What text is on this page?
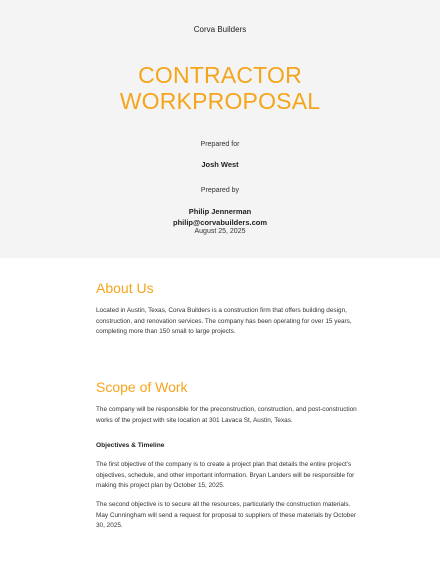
Corva Builders
CONTRACTOR
WORKPROPOSAL
Prepared for
Josh West
Prepared by
Philip Jennerman
philip@corvabuilders.com
August 25, 2025
About Us
Located in Austin, Texas, Corva Builders is a construction firm that offers building design, construction, and renovation services. The company has been operating for over 15 years, completing more than 150 small to large projects.
Scope of Work
The company will be responsible for the preconstruction, construction, and post-construction works of the project with site location at 301 Lavaca St, Austin, Texas.
Objectives & Timeline
The first objective of the company is to create a project plan that details the entire project's objectives, schedule, and other important information. Bryan Landers will be responsible for making this project plan by October 15, 2025.
The second objective is to secure all the resources, particularly the construction materials. May Cunningham will send a request for proposal to suppliers of these materials by October 30, 2025.
